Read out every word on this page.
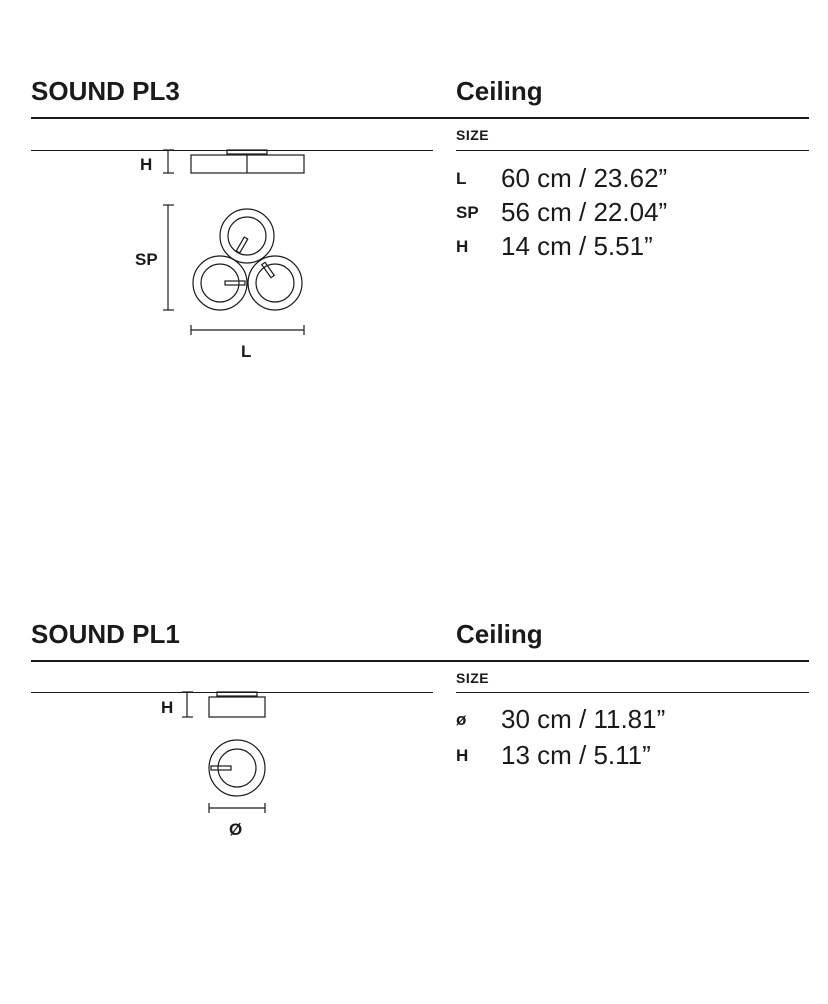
SOUND PL3	Ceiling
SIZE
L 60 cm / 23.62”
SP 56 cm / 22.04”
H 14 cm / 5.51”
H
SP
L
SOUND PL1	Ceiling
SIZE
ø 30 cm / 11.81”
H 13 cm / 5.11”
H
Ø
